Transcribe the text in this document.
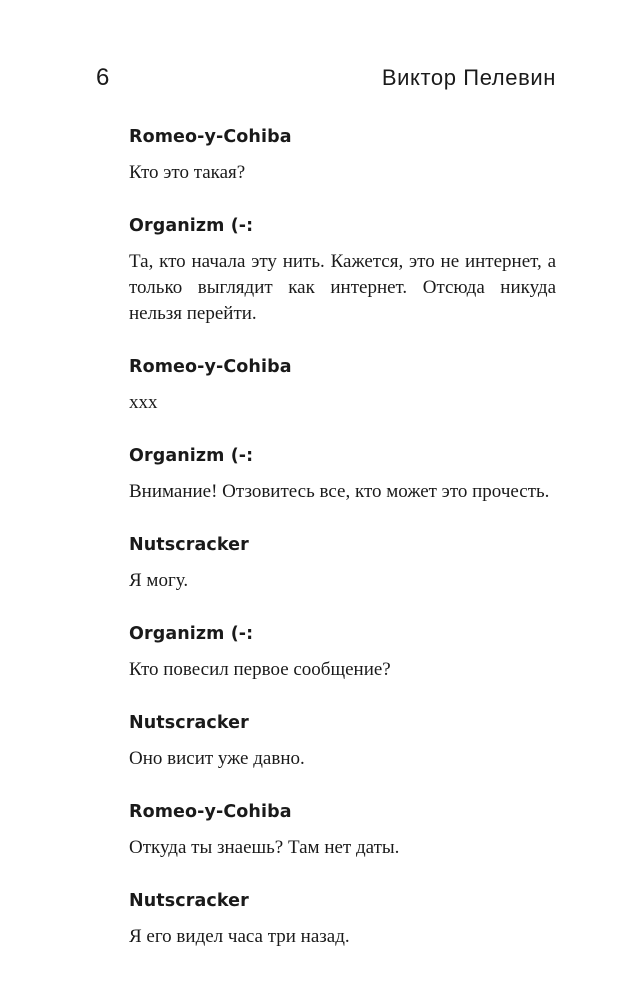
6	Виктор Пелевин
Romeo-y-Cohiba
Кто это такая?
Organizm (-:
Та, кто начала эту нить. Кажется, это не интернет, а только выглядит как интернет. Отсюда никуда нельзя перейти.
Romeo-y-Cohiba
xxx
Organizm (-:
Внимание! Отзовитесь все, кто может это прочесть.
Nutscracker
Я могу.
Organizm (-:
Кто повесил первое сообщение?
Nutscracker
Оно висит уже давно.
Romeo-y-Cohiba
Откуда ты знаешь? Там нет даты.
Nutscracker
Я его видел часа три назад.
